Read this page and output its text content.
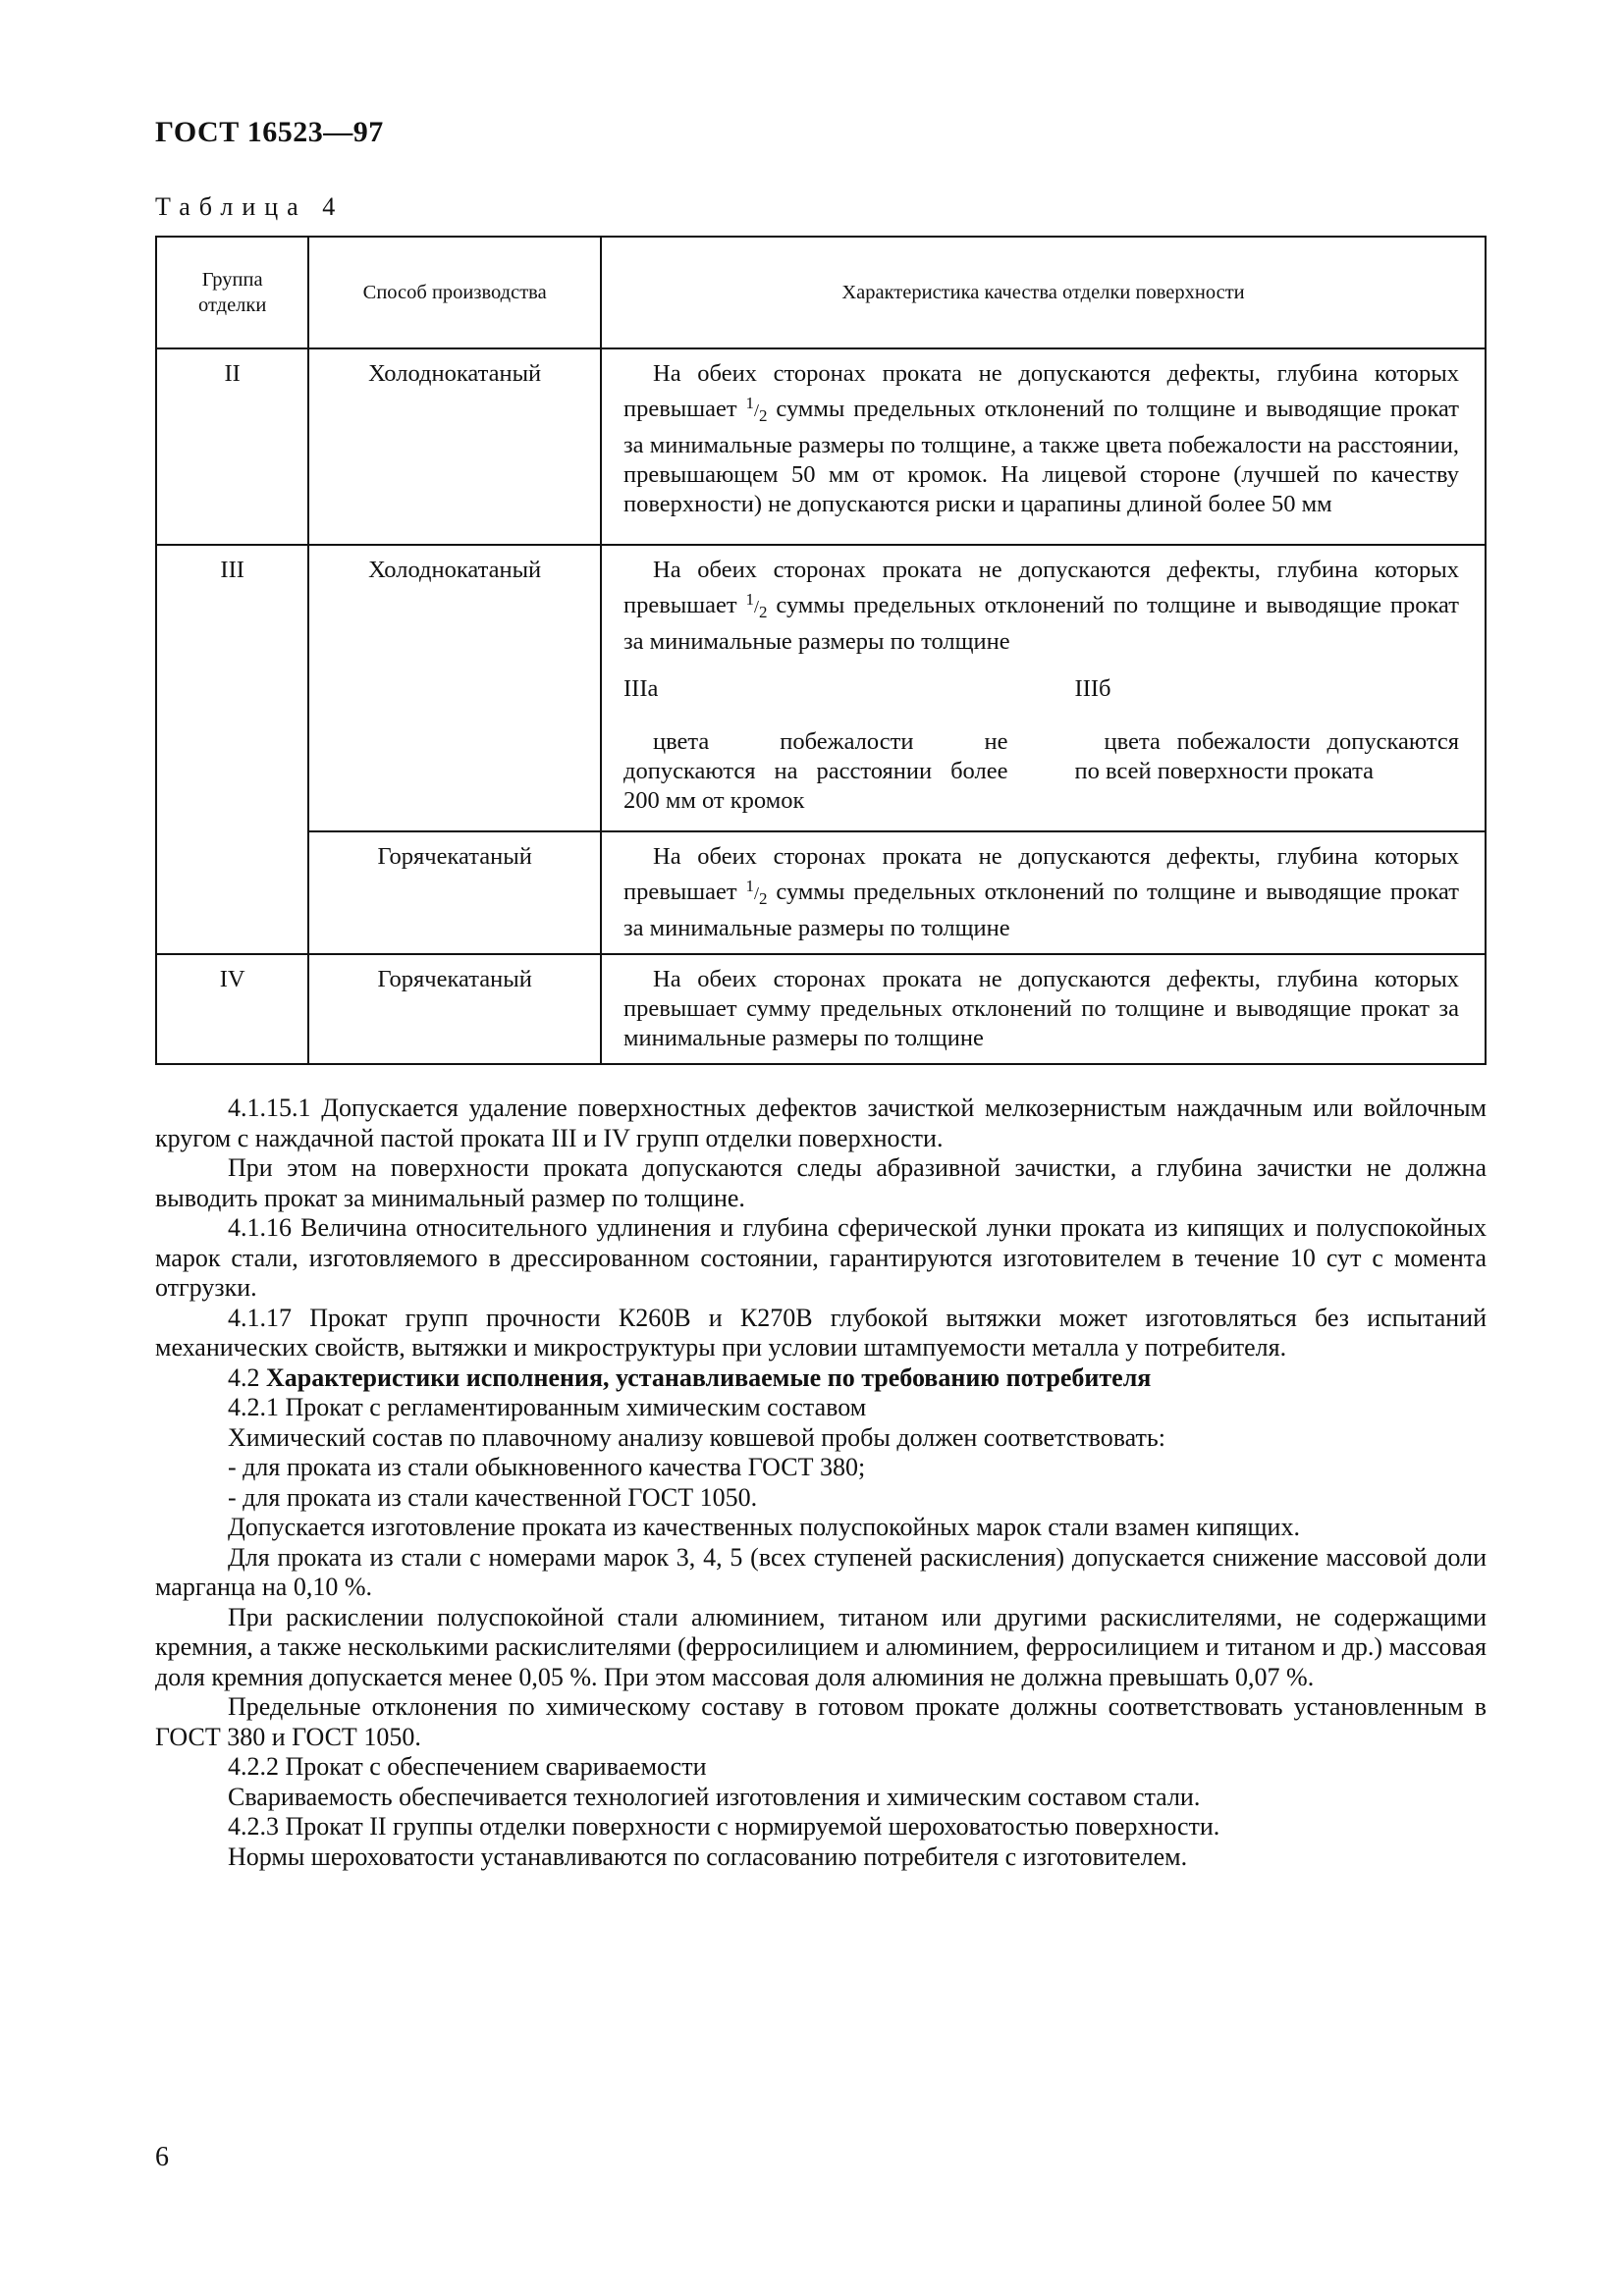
ГОСТ 16523—97
Таблица 4
Группа отделки	Способ производства	Характеристика качества отделки поверхности
II	Холоднокатаный	На обеих сторонах проката не допускаются дефекты, глубина которых превышает $^1/_2$ суммы предельных отклонений по толщине и выводящие прокат за минимальные размеры по толщине, а также цвета побежалости на расстоянии, превышающем 50 мм от кромок. На лицевой стороне (лучшей по качеству поверхности) не допускаются риски и царапины длиной более 50 мм

III	Холоднокатаный	На обеих сторонах проката не допускаются дефекты, глубина которых превышает $^1/_2$ суммы предельных отклонений по толщине и выводящие прокат за минимальные размеры по толщине
IIIa
цвета побежалости не допускаются на расстоянии более 200 мм от кромок
IIIб
цвета побежалости допускаются по всей поверхности проката

	Горячекатаный	На обеих сторонах проката не допускаются дефекты, глубина которых превышает $^1/_2$ суммы предельных отклонений по толщине и выводящие прокат за минимальные размеры по толщине

IV	Горячекатаный	На обеих сторонах проката не допускаются дефекты, глубина которых превышает сумму предельных отклонений по толщине и выводящие прокат за минимальные размеры по толщине

4.1.15.1 Допускается удаление поверхностных дефектов зачисткой мелкозернистым наждачным или войлочным кругом с наждачной пастой проката III и IV групп отделки поверхности.

При этом на поверхности проката допускаются следы абразивной зачистки, а глубина зачистки не должна выводить прокат за минимальный размер по толщине.

4.1.16 Величина относительного удлинения и глубина сферической лунки проката из кипящих и полуспокойных марок стали, изготовляемого в дрессированном состоянии, гарантируются изготовителем в течение 10 сут с момента отгрузки.

4.1.17 Прокат групп прочности К260В и К270В глубокой вытяжки может изготовляться без испытаний механических свойств, вытяжки и микроструктуры при условии штампуемости металла у потребителя.

4.2 Характеристики исполнения, устанавливаемые по требованию потребителя

4.2.1 Прокат с регламентированным химическим составом

Химический состав по плавочному анализу ковшевой пробы должен соответствовать:

- для проката из стали обыкновенного качества ГОСТ 380;

- для проката из стали качественной ГОСТ 1050.

Допускается изготовление проката из качественных полуспокойных марок стали взамен кипящих.

Для проката из стали с номерами марок 3, 4, 5 (всех ступеней раскисления) допускается снижение массовой доли марганца на 0,10 %.

При раскислении полуспокойной стали алюминием, титаном или другими раскислителями, не содержащими кремния, а также несколькими раскислителями (ферросилицием и алюминием, ферросилицием и титаном и др.) массовая доля кремния допускается менее 0,05 %. При этом массовая доля алюминия не должна превышать 0,07 %.

Предельные отклонения по химическому составу в готовом прокате должны соответствовать установленным в ГОСТ 380 и ГОСТ 1050.

4.2.2 Прокат с обеспечением свариваемости

Свариваемость обеспечивается технологией изготовления и химическим составом стали.

4.2.3 Прокат II группы отделки поверхности с нормируемой шероховатостью поверхности.

Нормы шероховатости устанавливаются по согласованию потребителя с изготовителем.

6
